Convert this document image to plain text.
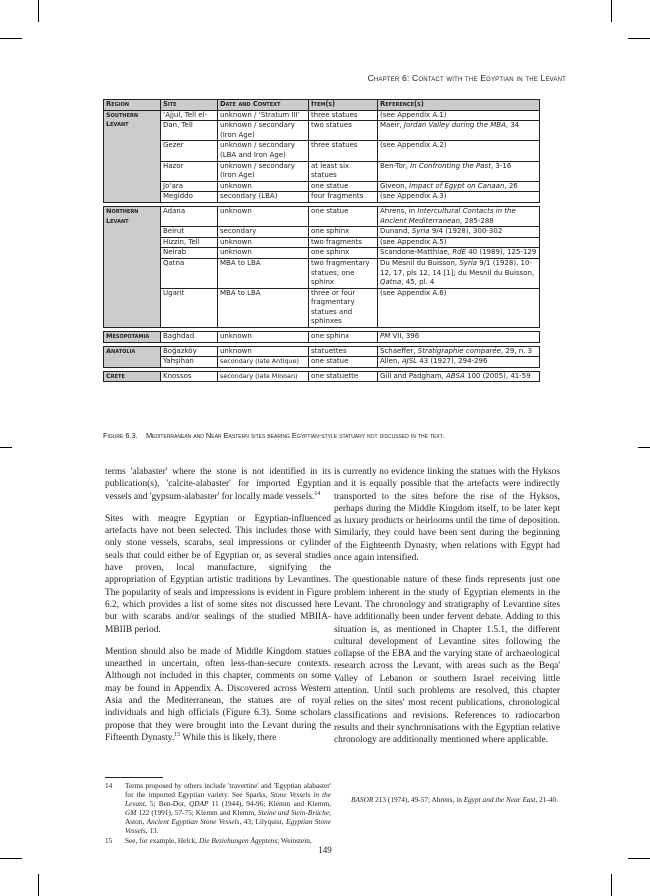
Chapter 6: Contact with the Egyptian in the Levant
Region	Site	Date and Context	Item(s)	Reference(s)
Southern Levant	‘Ajjul, Tell el-	unknown / ‘Stratum III’	three statues	(see Appendix A.1)
	Dan, Tell	unknown / secondary (Iron Age)	two statues	Maeir, Jordan Valley during the MBA, 34
	Gezer	unknown / secondary (LBA and Iron Age)	three statues	(see Appendix A.2)
	Hazor	unknown / secondary (Iron Age)	at least six statues	Ben-Tor, In Confronting the Past, 3-16
	Jo‘ara	unknown	one statue	Giveon, Impact of Egypt on Canaan, 26
	Megiddo	secondary (LBA)	four fragments	(see Appendix A.3)

Northern Levant	Adana	unknown	one statue	Ahrens, in Intercultural Contacts in the Ancient Mediterranean, 285-288
	Beirut	secondary	one sphinx	Dunand, Syria 9/4 (1928), 300-302
	Hizzin, Tell	unknown	two fragments	(see Appendix A.5)
	Neirab	unknown	one sphinx	Scandone-Matthiae, RdE 40 (1989), 125-129
	Qatna	MBA to LBA	two fragmentary statues; one sphinx	Du Mesnil du Buisson, Syria 9/1 (1928), 10-12, 17, pls 12, 14 [1]; du Mesnil du Buisson, Qatna, 45, pl. 4
	Ugarit	MBA to LBA	three or four fragmentary statues and sphinxes	(see Appendix A.6)

Mesopotamia	Baghdad	unknown	one sphinx	PM VII, 396

Anatolia	Boğazköy	unknown	statuettes	Schaeffer, Stratigraphie comparée, 29, n. 3
	Yahşihan	secondary (late Antique)	one statue	Allen, AJSL 43 (1927), 294-296

Crete	Knossos	secondary (late Minoan)	one statuette	Gill and Padgham, ABSA 100 (2005), 41-59
Figure 6.3.    Mediterranean and Near Eastern sites bearing Egyptian-style statuary not discussed in the text.

terms 'alabaster' where the stone is not identified in its publication(s), 'calcite-alabaster' for imported Egyptian vessels and 'gypsum-alabaster' for locally made vessels.$^{14}$

Sites with meagre Egyptian or Egyptian-influenced artefacts have not been selected. This includes those with only stone vessels, scarabs, seal impressions or cylinder seals that could either be of Egyptian or, as several studies have proven, local manufacture, signifying the appropriation of Egyptian artistic traditions by Levantines. The popularity of seals and impressions is evident in Figure 6.2, which provides a list of some sites not discussed here but with scarabs and/or sealings of the studied MBIIA-MBIIB period.

Mention should also be made of Middle Kingdom statues unearthed in uncertain, often less-than-secure contexts. Although not included in this chapter, comments on some may be found in Appendix A. Discovered across Western Asia and the Mediterranean, the statues are of royal individuals and high officials (Figure 6.3). Some scholars propose that they were brought into the Levant during the Fifteenth Dynasty.$^{15}$ While this is likely, there

is currently no evidence linking the statues with the Hyksos and it is equally possible that the artefacts were indirectly transported to the sites before the rise of the Hyksos, perhaps during the Middle Kingdom itself, to be later kept as luxury products or heirlooms until the time of deposition. Similarly, they could have been sent during the beginning of the Eighteenth Dynasty, when relations with Egypt had once again intensified.

The questionable nature of these finds represents just one problem inherent in the study of Egyptian elements in the Levant. The chronology and stratigraphy of Levantine sites have additionally been under fervent debate. Adding to this situation is, as mentioned in Chapter 1.5.1, the different cultural development of Levantine sites following the collapse of the EBA and the varying state of archaeological research across the Levant, with areas such as the Beqa' Valley of Lebanon or southern Israel receiving little attention. Until such problems are resolved, this chapter relies on the sites' most recent publications, chronological classifications and revisions. References to radiocarbon results and their synchronisations with the Egyptian relative chronology are additionally mentioned where applicable.

14	Terms proposed by others include 'travertine' and 'Egyptian alabaster' for the imported Egyptian variety. See Sparks, Stone Vessels in the Levant, 5; Ben-Dor, QDAP 11 (1944), 94-96; Klemm and Klemm, GM 122 (1991), 57-75; Klemm and Klemm, Steine und Stein-Brüche; Aston, Ancient Egyptian Stone Vessels, 43; Lilyquist, Egyptian Stone Vessels, 13.
15	See, for example, Helck, Die Beziehungen Ägyptens; Weinstein,
BASOR 213 (1974), 49-57; Ahrens, in Egypt and the Near East, 21-40.
149
